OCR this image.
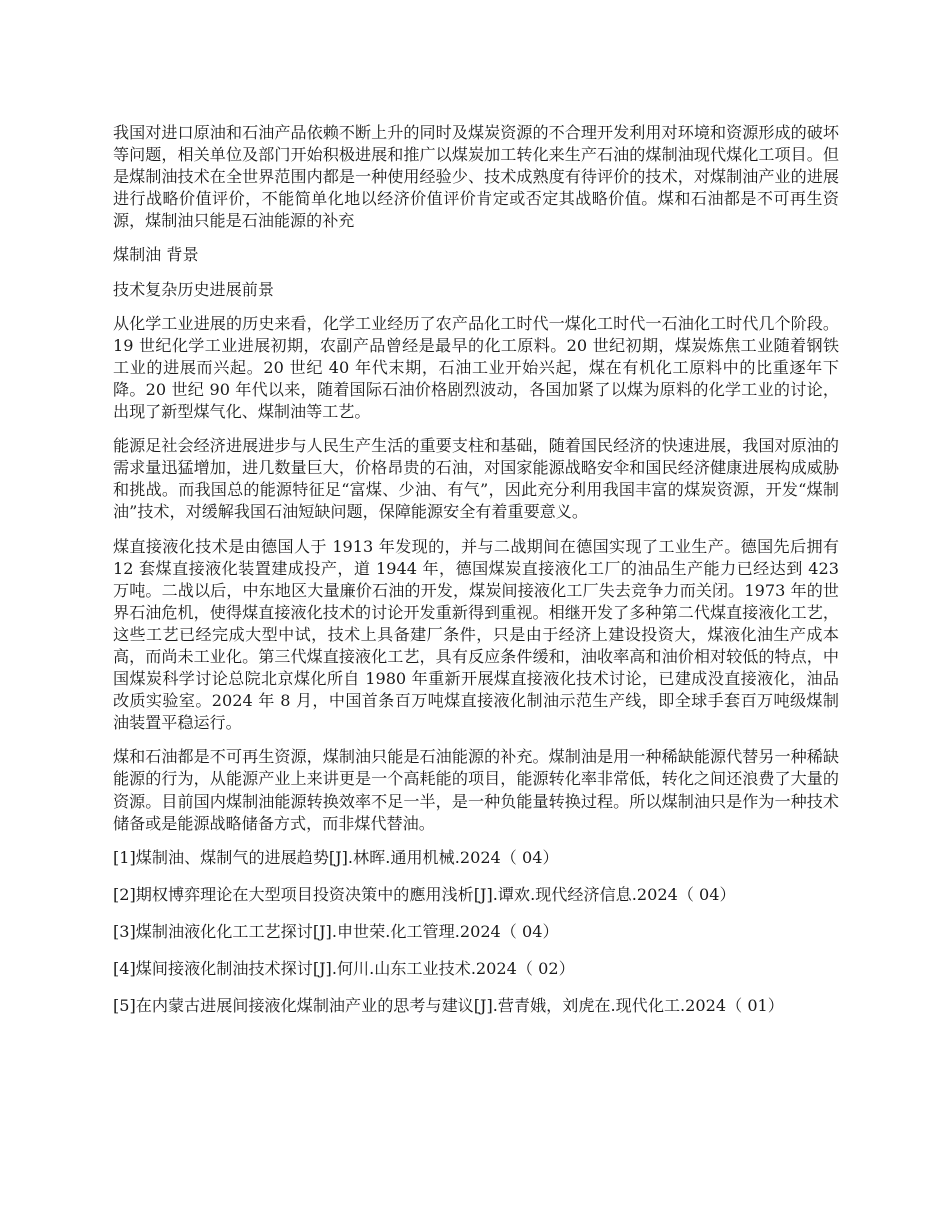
我国对进口原油和石油产品依赖不断上升的同时及煤炭资源的不合理开发利用对环境和资源形成的破坏等问题，相关单位及部门开始积极进展和推广以煤炭加工转化来生产石油的煤制油现代煤化工项目。但是煤制油技术在全世界范围内都是一种使用经验少、技术成熟度有待评价的技术，对煤制油产业的进展进行战略价值评价，不能简单化地以经济价值评价肯定或否定其战略价值。煤和石油都是不可再生资源，煤制油只能是石油能源的补充

煤制油 背景

技术复杂历史进展前景

从化学工业进展的历史来看，化学工业经历了农产品化工时代一煤化工时代一石油化工时代几个阶段。19 世纪化学工业进展初期，农副产品曾经是最早的化工原料。20 世纪初期，煤炭炼焦工业随着钢铁工业的进展而兴起。20 世纪 40 年代末期，石油工业开始兴起，煤在有机化工原料中的比重逐年下降。20 世纪 90 年代以来，随着国际石油价格剧烈波动，各国加紧了以煤为原料的化学工业的讨论，出现了新型煤气化、煤制油等工艺。

能源足社会经济进展进步与人民生产生活的重要支柱和基础，随着国民经济的快速进展，我国对原油的需求量迅猛增加，进几数量巨大，价格昂贵的石油，对国家能源战略安伞和国民经济健康进展构成威胁和挑战。而我国总的能源特征足“富煤、少油、有气”，因此充分利用我国丰富的煤炭资源，开发“煤制油”技术，对缓解我国石油短缺问题，保障能源安全有着重要意义。

煤直接液化技术是由德国人于 1913 年发现的，并与二战期间在德国实现了工业生产。德国先后拥有 12 套煤直接液化装置建成投产，道 1944 年，德国煤炭直接液化工厂的油品生产能力已经达到 423 万吨。二战以后，中东地区大量廉价石油的开发，煤炭间接液化工厂失去竞争力而关闭。1973 年的世界石油危机，使得煤直接液化技术的讨论开发重新得到重视。相继开发了多种第二代煤直接液化工艺，这些工艺已经完成大型中试，技术上具备建厂条件，只是由于经济上建设投资大，煤液化油生产成本高，而尚未工业化。第三代煤直接液化工艺，具有反应条件缓和，油收率高和油价相对较低的特点，中国煤炭科学讨论总院北京煤化所自 1980 年重新开展煤直接液化技术讨论，已建成没直接液化，油品改质实验室。2024 年 8 月，中国首条百万吨煤直接液化制油示范生产线，即全球手套百万吨级煤制油装置平稳运行。

煤和石油都是不可再生资源，煤制油只能是石油能源的补充。煤制油是用一种稀缺能源代替另一种稀缺能源的行为，从能源产业上来讲更是一个高耗能的项目，能源转化率非常低，转化之间还浪费了大量的资源。目前国内煤制油能源转换效率不足一半，是一种负能量转换过程。所以煤制油只是作为一种技术储备或是能源战略储备方式，而非煤代替油。

[1]煤制油、煤制气的进展趋势[J].林晖.通用机械.2024（ 04）

[2]期权博弈理论在大型项目投资决策中的應用浅析[J].谭欢.现代经济信息.2024（ 04）

[3]煤制油液化化工工艺探讨[J].申世荣.化工管理.2024（ 04）

[4]煤间接液化制油技术探讨[J].何川.山东工业技术.2024（ 02）

[5]在内蒙古进展间接液化煤制油产业的思考与建议[J].营青娥，刘虎在.现代化工.2024（ 01）
